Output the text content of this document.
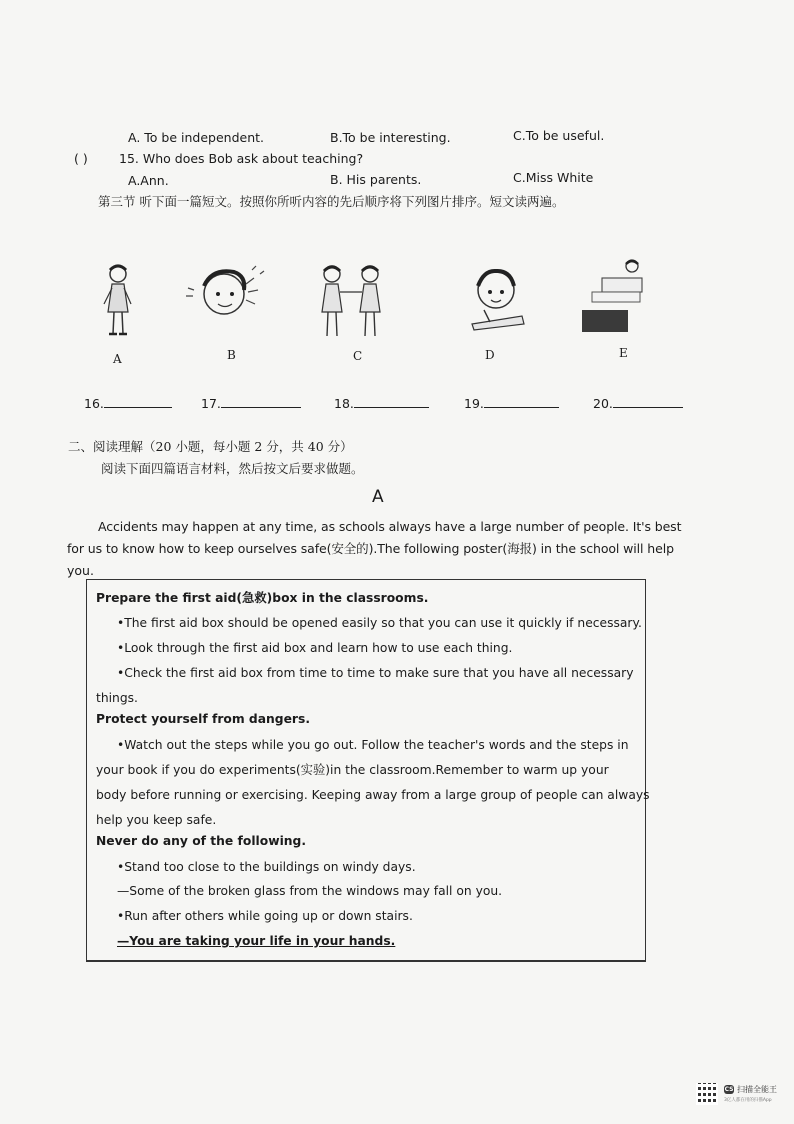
A. To be independent.	B.To be interesting.	C.To be useful.
( )	15. Who does Bob ask about teaching?
A.Ann.	B. His parents.	C.Miss White
第三节 听下面一篇短文。按照你所听内容的先后顺序将下列图片排序。短文读两遍。
A	B	C	D	E
16.	17.	18.	19.	20.
二、阅读理解（20 小题，每小题 2 分，共 40 分）
阅读下面四篇语言材料，然后按文后要求做题。
A
Accidents may happen at any time, as schools always have a large number of people. It's best
for us to know how to keep ourselves safe(安全的).The following poster(海报) in the school will help
you.
Prepare the first aid(急救)box in the classrooms.
•The first aid box should be opened easily so that you can use it quickly if necessary.
•Look through the first aid box and learn how to use each thing.
•Check the first aid box from time to time to make sure that you have all necessary
things.
Protect yourself from dangers.
•Watch out the steps while you go out. Follow the teacher's words and the steps in
your book if you do experiments(实验)in the classroom.Remember to warm up your
body before running or exercising. Keeping away from a large group of people can always
help you keep safe.
Never do any of the following.
•Stand too close to the buildings on windy days.
—Some of the broken glass from the windows may fall on you.
•Run after others while going up or down stairs.
—You are taking your life in your hands.
CS 扫描全能王
3亿人都在用的扫描App
